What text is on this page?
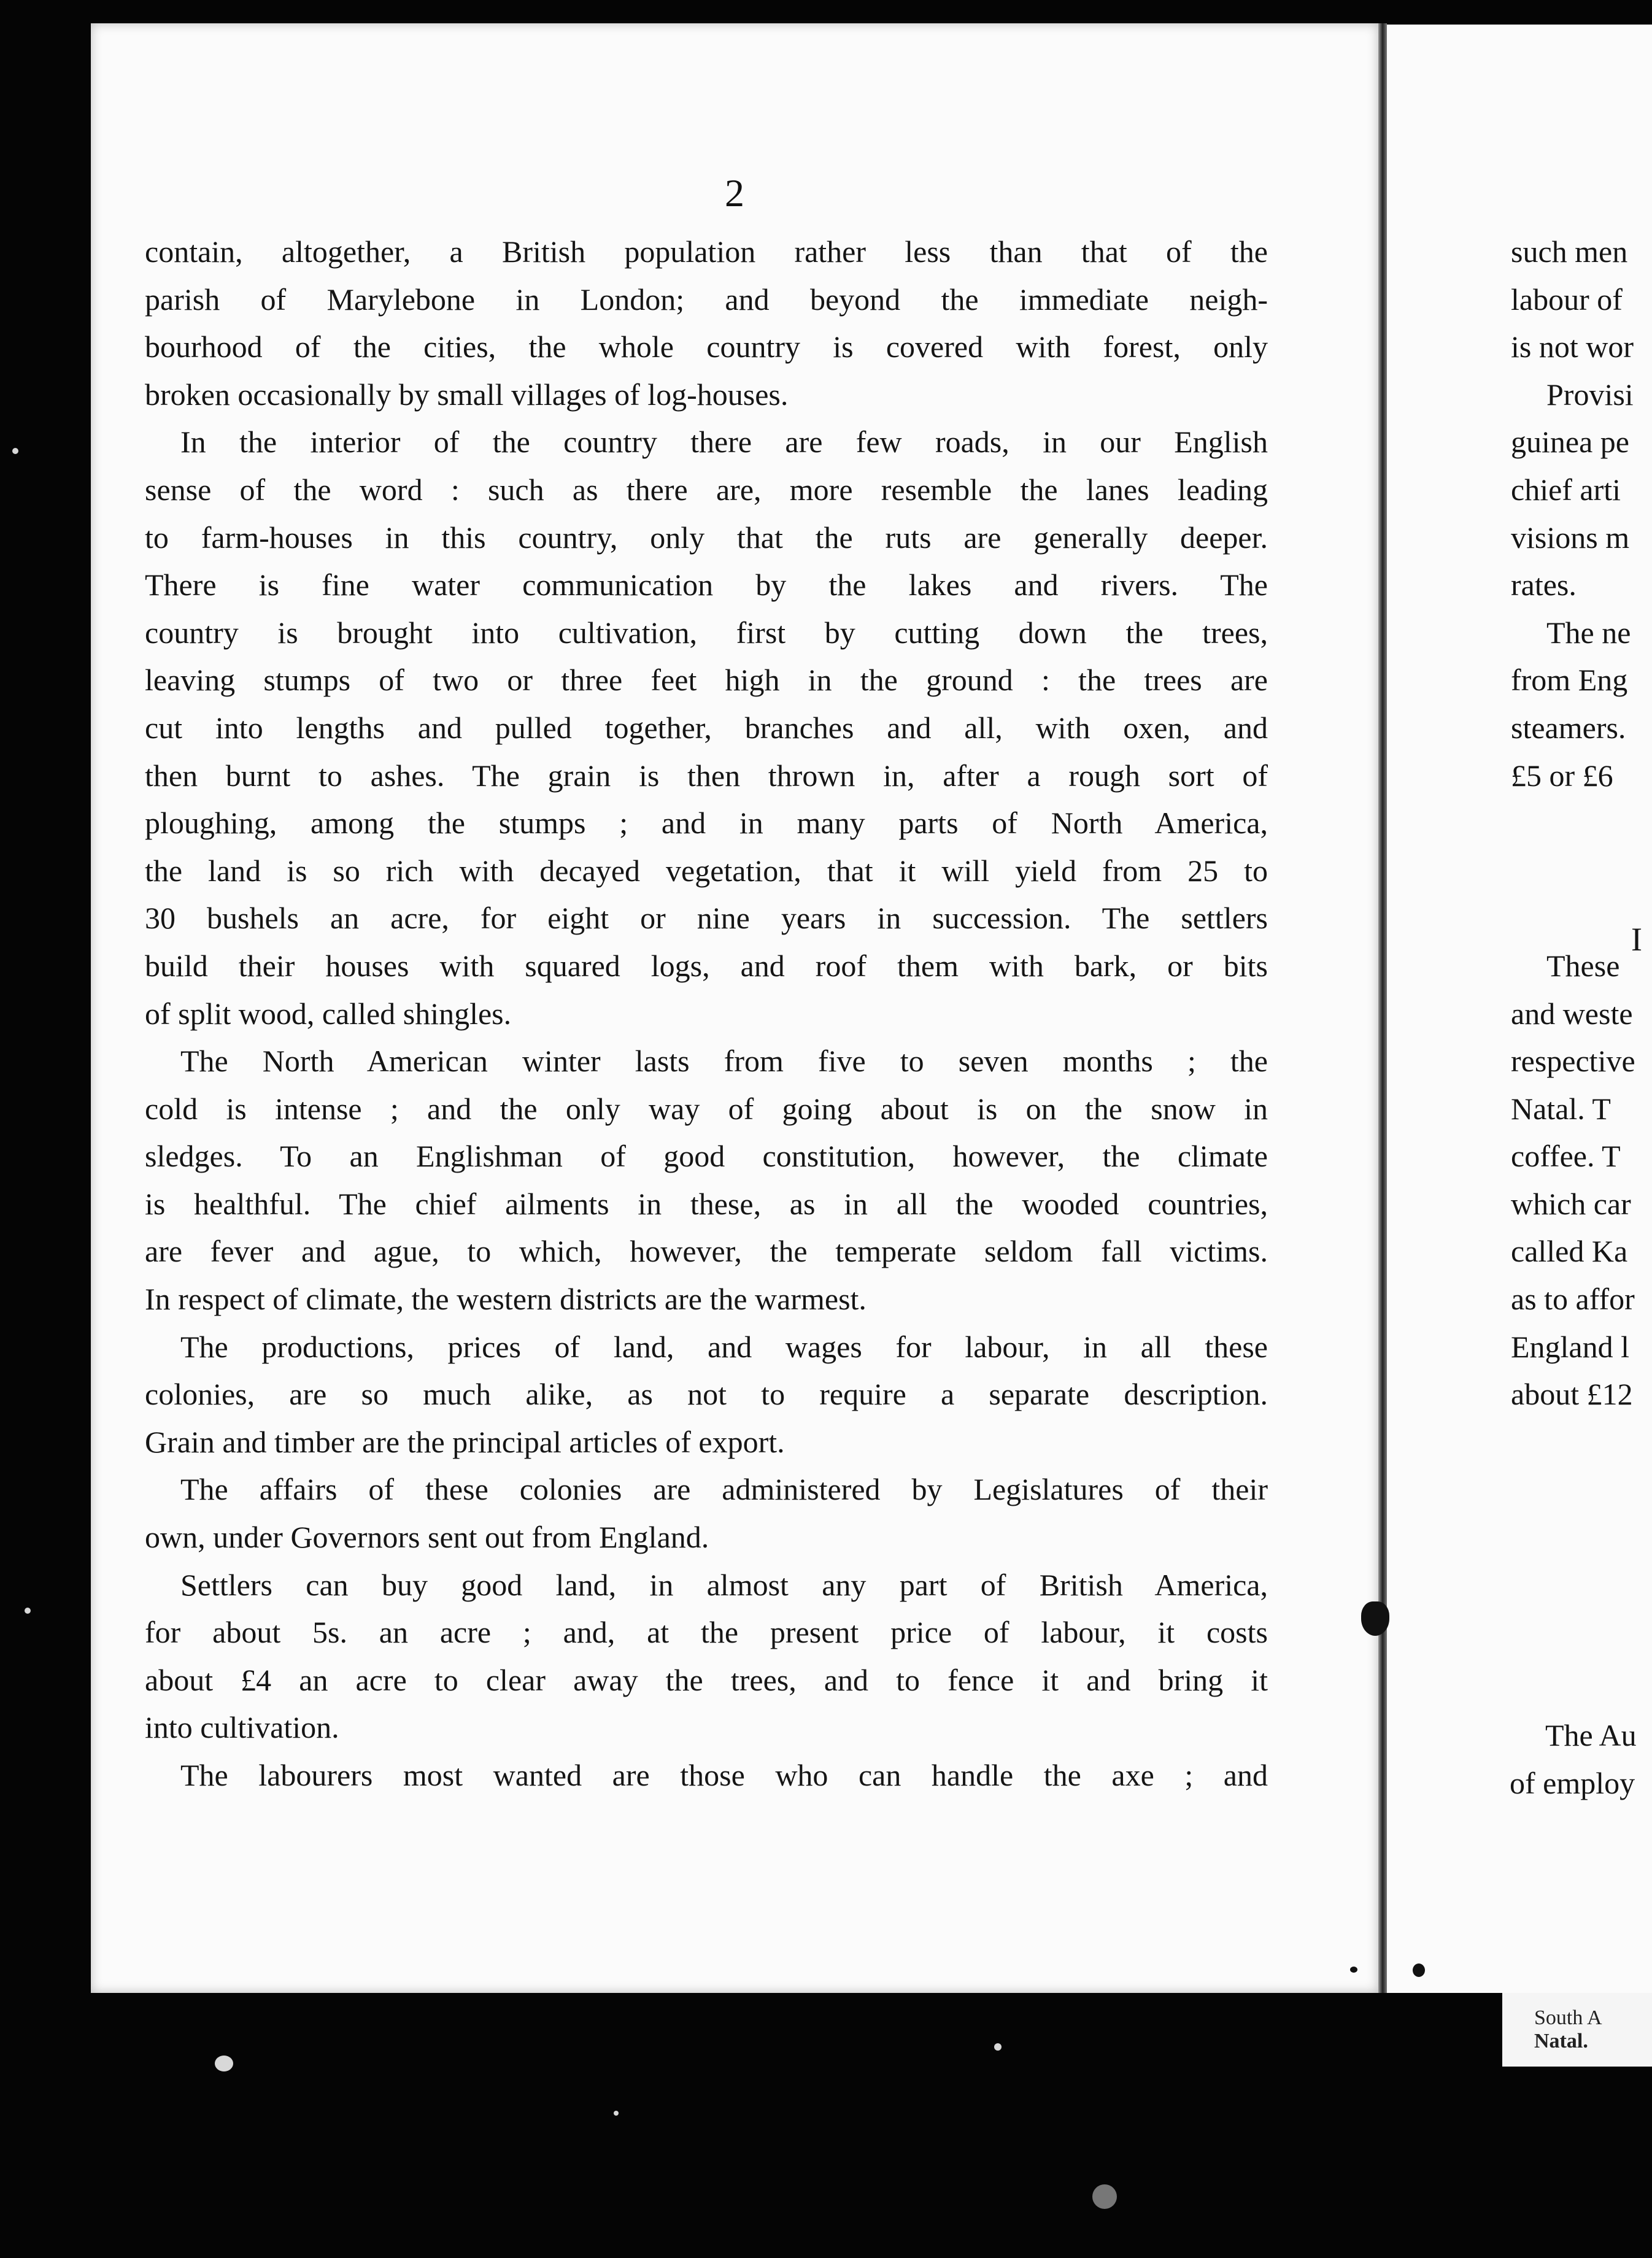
2
contain, altogether, a British population rather less than that of the
parish of Marylebone in London; and beyond the immediate neigh-
bourhood of the cities, the whole country is covered with forest, only
broken occasionally by small villages of log-houses.
In the interior of the country there are few roads, in our English
sense of the word : such as there are, more resemble the lanes leading
to farm-houses in this country, only that the ruts are generally deeper.
There is fine water communication by the lakes and rivers. The
country is brought into cultivation, first by cutting down the trees,
leaving stumps of two or three feet high in the ground : the trees are
cut into lengths and pulled together, branches and all, with oxen, and
then burnt to ashes. The grain is then thrown in, after a rough sort of
ploughing, among the stumps ; and in many parts of North America,
the land is so rich with decayed vegetation, that it will yield from 25 to
30 bushels an acre, for eight or nine years in succession. The settlers
build their houses with squared logs, and roof them with bark, or bits
of split wood, called shingles.
The North American winter lasts from five to seven months ; the
cold is intense ; and the only way of going about is on the snow in
sledges. To an Englishman of good constitution, however, the climate
is healthful. The chief ailments in these, as in all the wooded countries,
are fever and ague, to which, however, the temperate seldom fall victims.
In respect of climate, the western districts are the warmest.
The productions, prices of land, and wages for labour, in all these
colonies, are so much alike, as not to require a separate description.
Grain and timber are the principal articles of export.
The affairs of these colonies are administered by Legislatures of their
own, under Governors sent out from England.
Settlers can buy good land, in almost any part of British America,
for about 5s. an acre ; and, at the present price of labour, it costs
about £4 an acre to clear away the trees, and to fence it and bring it
into cultivation.
The labourers most wanted are those who can handle the axe ; and
such men
labour of
is not wor
Provisi
guinea pe
chief arti
visions m
rates.
The ne
from Eng
steamers.
£5 or £6
These
and weste
respective
Natal. T
coffee. T
which car
called Ka
as to affor
England l
about £12
I
The Au
of employ
South A
Natal.
